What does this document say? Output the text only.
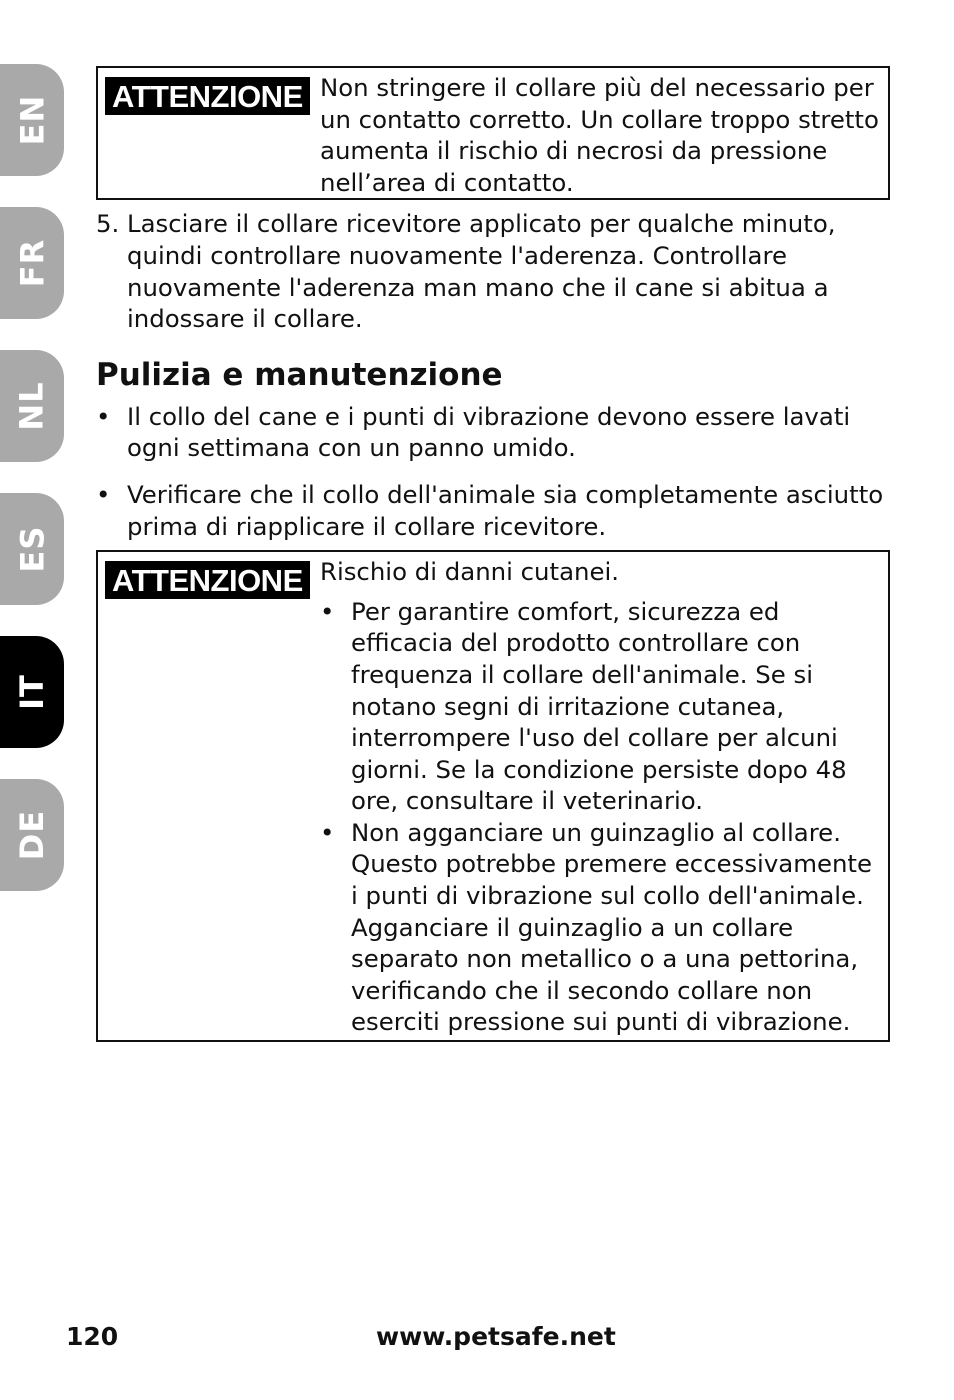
EN
FR
NL
ES
IT
DE
ATTENZIONE Non stringere il collare più del necessario per un contatto corretto. Un collare troppo stretto aumenta il rischio di necrosi da pressione nell’area di contatto.
5. Lasciare il collare ricevitore applicato per qualche minuto, quindi controllare nuovamente l'aderenza. Controllare nuovamente l'aderenza man mano che il cane si abitua a indossare il collare.
Pulizia e manutenzione
• Il collo del cane e i punti di vibrazione devono essere lavati ogni settimana con un panno umido.
• Verificare che il collo dell'animale sia completamente asciutto prima di riapplicare il collare ricevitore.
ATTENZIONE Rischio di danni cutanei.
• Per garantire comfort, sicurezza ed efficacia del prodotto controllare con frequenza il collare dell'animale. Se si notano segni di irritazione cutanea, interrompere l'uso del collare per alcuni giorni. Se la condizione persiste dopo 48 ore, consultare il veterinario.
• Non agganciare un guinzaglio al collare. Questo potrebbe premere eccessivamente i punti di vibrazione sul collo dell'animale. Agganciare il guinzaglio a un collare separato non metallico o a una pettorina, verificando che il secondo collare non eserciti pressione sui punti di vibrazione.
120	www.petsafe.net
